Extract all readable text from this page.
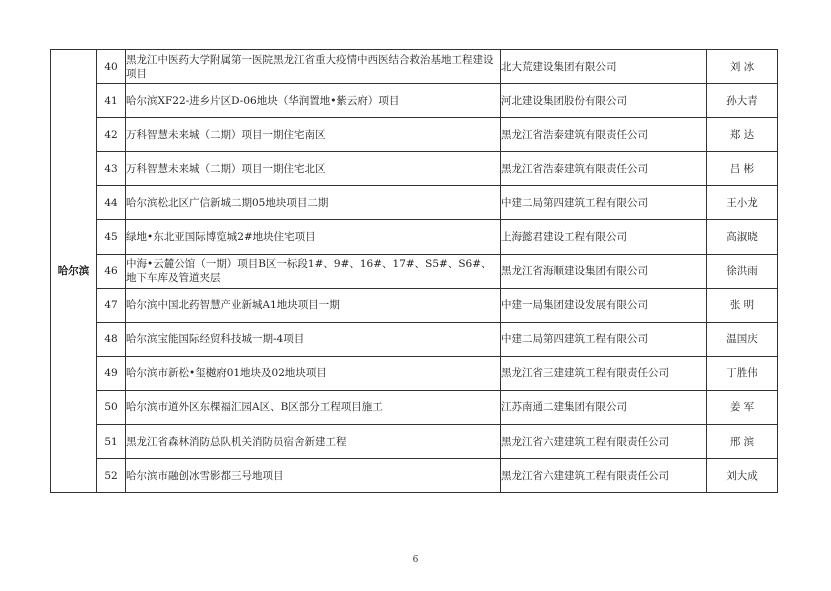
哈尔滨	40	黑龙江中医药大学附属第一医院黑龙江省重大疫情中西医结合救治基地工程建设项目	北大荒建设集团有限公司	刘 冰
	41	哈尔滨XF22-进乡片区D-06地块（华润置地•紫云府）项目	河北建设集团股份有限公司	孙大青
	42	万科智慧未来城（二期）项目一期住宅南区	黑龙江省浩泰建筑有限责任公司	郑 达
	43	万科智慧未来城（二期）项目一期住宅北区	黑龙江省浩泰建筑有限责任公司	吕 彬
	44	哈尔滨松北区广信新城二期05地块项目二期	中建二局第四建筑工程有限公司	王小龙
	45	绿地•东北亚国际博览城2#地块住宅项目	上海懿君建设工程有限公司	高淑晓
	46	中海•云麓公馆（一期）项目B区一标段1#、9#、16#、17#、S5#、S6#、地下车库及管道夹层	黑龙江省海顺建设集团有限公司	徐洪雨
	47	哈尔滨中国北药智慧产业新城A1地块项目一期	中建一局集团建设发展有限公司	张 明
	48	哈尔滨宝能国际经贸科技城一期-4项目	中建二局第四建筑工程有限公司	温国庆
	49	哈尔滨市新松•玺樾府01地块及02地块项目	黑龙江省三建建筑工程有限责任公司	丁胜伟
	50	哈尔滨市道外区东棵福汇园A区、B区部分工程项目施工	江苏南通二建集团有限公司	姜 军
	51	黑龙江省森林消防总队机关消防员宿舍新建工程	黑龙江省六建建筑工程有限责任公司	邢 滨
	52	哈尔滨市融创冰雪影都三号地项目	黑龙江省六建建筑工程有限责任公司	刘大成
6
